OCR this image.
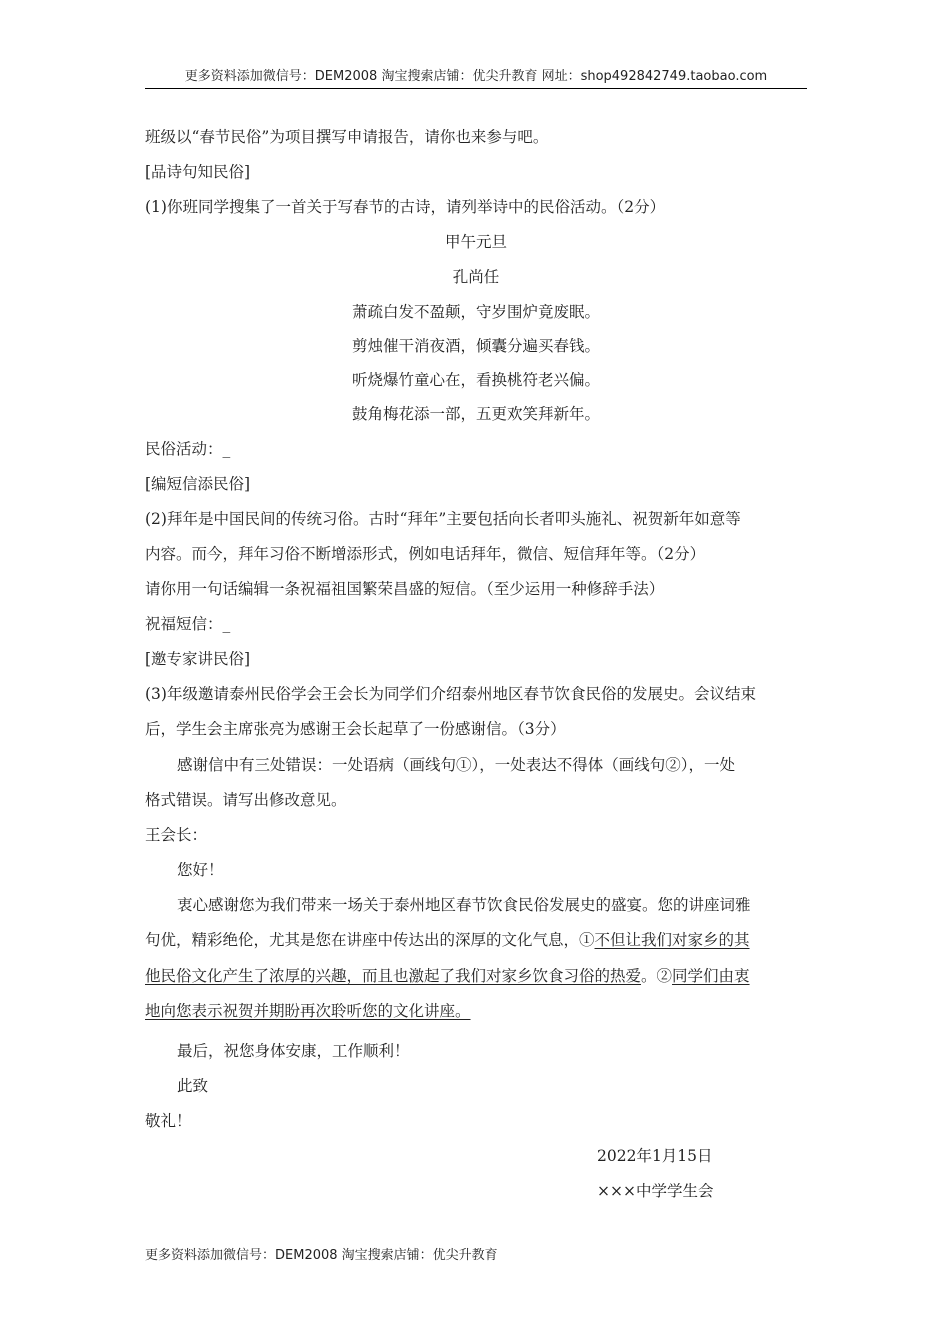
更多资料添加微信号：DEM2008 淘宝搜索店铺：优尖升教育 网址：shop492842749.taobao.com
班级以“春节民俗”为项目撰写申请报告，请你也来参与吧。
[品诗句知民俗]
(1)你班同学搜集了一首关于写春节的古诗，请列举诗中的民俗活动。（2分）
甲午元旦
孔尚任
萧疏白发不盈颠，守岁围炉竟废眠。
剪烛催干消夜酒，倾囊分遍买春钱。
听烧爆竹童心在，看换桃符老兴偏。
鼓角梅花添一部，五更欢笑拜新年。
民俗活动：_
[编短信添民俗]
(2)拜年是中国民间的传统习俗。古时“拜年”主要包括向长者叩头施礼、祝贺新年如意等
内容。而今，拜年习俗不断增添形式，例如电话拜年，微信、短信拜年等。（2分）
请你用一句话编辑一条祝福祖国繁荣昌盛的短信。（至少运用一种修辞手法）
祝福短信：_
[邀专家讲民俗]
(3)年级邀请泰州民俗学会王会长为同学们介绍泰州地区春节饮食民俗的发展史。会议结束
后，学生会主席张亮为感谢王会长起草了一份感谢信。（3分）
感谢信中有三处错误：一处语病（画线句①），一处表达不得体（画线句②），一处
格式错误。请写出修改意见。
王会长：
您好！
衷心感谢您为我们带来一场关于泰州地区春节饮食民俗发展史的盛宴。您的讲座词雅
句优，精彩绝伦，尤其是您在讲座中传达出的深厚的文化气息，①不但让我们对家乡的其
他民俗文化产生了浓厚的兴趣，而且也激起了我们对家乡饮食习俗的热爱。②同学们由衷
地向您表示祝贺并期盼再次聆听您的文化讲座。
最后，祝您身体安康，工作顺利！
此致
敬礼！
2022年1月15日
×××中学学生会
更多资料添加微信号：DEM2008 淘宝搜索店铺：优尖升教育
